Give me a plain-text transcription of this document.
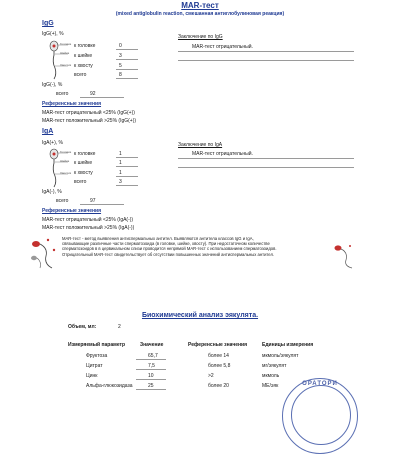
MAR-тест
(mixed antiglobulin reaction, смешанная антиглобулиновая реакция)
IgG
IgG(+), %
Головка
Шейка
Хвостик
к головке	0
к шейке	3
к хвосту	5
всего	8
IgG(-), %
всего	92
Заключение по IgG
MAR-тест отрицательный.
Референсные значения
MAR-тест отрицательный <25% (IgG(+))
MAR-тест положительный >25% (IgG(+))
IgA
IgA(+), %
Головка
Шейка
Хвостик
к головке	1
к шейке	1
к хвосту	1
всего	3
IgA(-), %
всего	97
Заключение по IgA
MAR-тест отрицательный.
Референсные значения
MAR-тест отрицательный <25% (IgA(-))
MAR-тест положительный >25% (IgA(-))
MAR-тест - метод выявления антиспермальных антител. Выявляются антитела классов IgG и IgA,
связывающие различные части сперматозоида (в головке, шейке, хвосту). При недостаточном количестве
сперматозоидов в в цервикальном слизи проводится непрямой MAR-тест с использованием сперматозоидов.
Отрицательный MAR-тест свидетельствует об отсутствии повышенных значений антиспермальных антител.
Биохимический анализ эякулята.
Объем, мл:	2
Измеряемый параметр	Значение	Референсные значения	Единицы измерения
Фруктоза	65,7	более 14	мкмоль/эякулят
Цитрат	7,5	более 5,8	мг/эякулят
Цинк	10	>2	мкмоль
Альфа-глюкозидаза	25	более 20	МЕ/эяк	ОРАТОРИ
